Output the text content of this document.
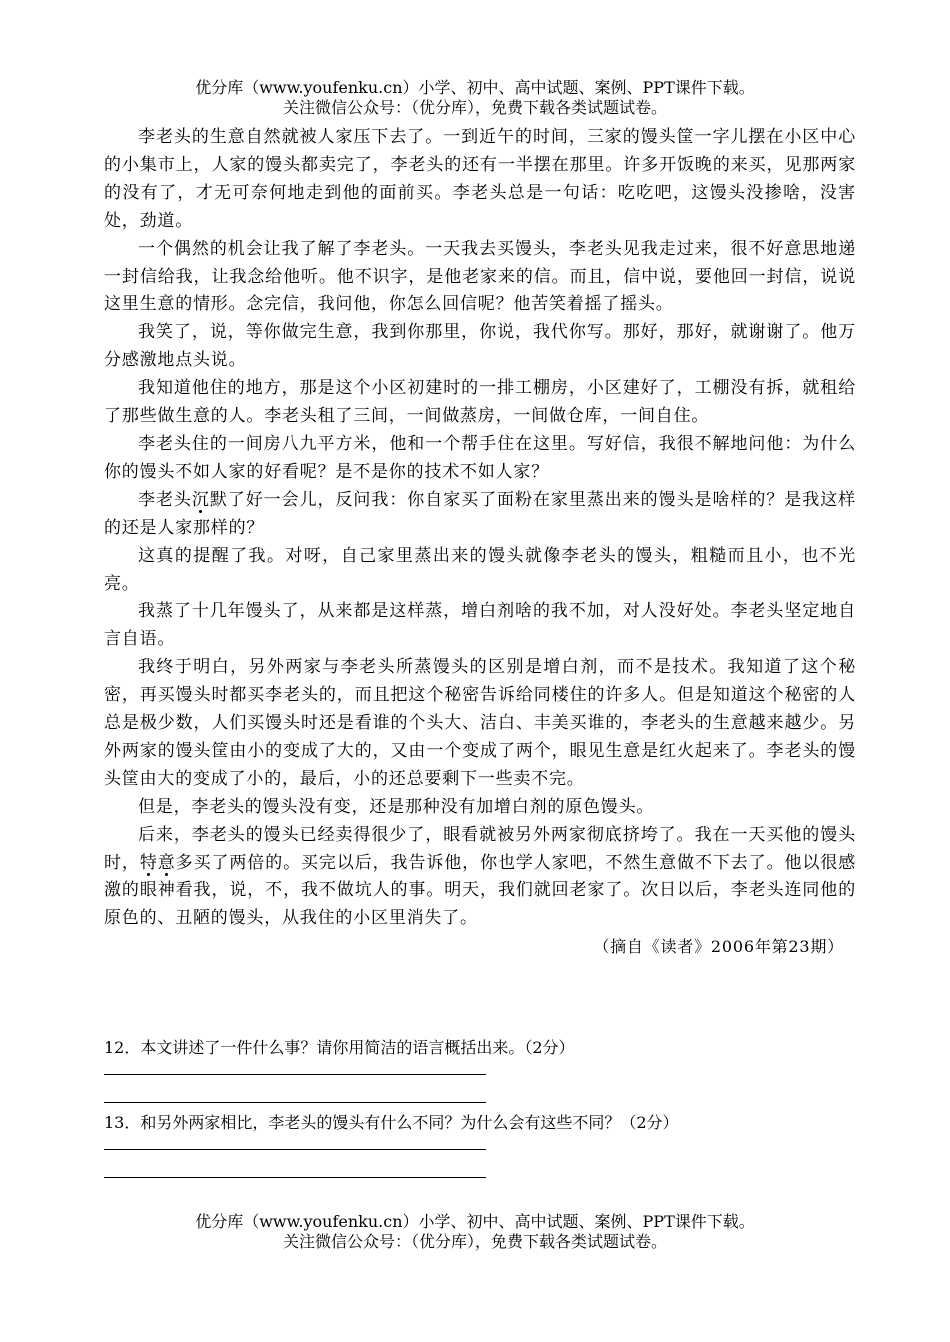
优分库（www.youfenku.cn）小学、初中、高中试题、案例、PPT课件下载。
关注微信公众号：（优分库），免费下载各类试题试卷。

李老头的生意自然就被人家压下去了。一到近午的时间，三家的馒头筐一字儿摆在小区中心的小集市上，人家的馒头都卖完了，李老头的还有一半摆在那里。许多开饭晚的来买，见那两家的没有了，才无可奈何地走到他的面前买。李老头总是一句话：吃吃吧，这馒头没掺啥，没害处，劲道。

一个偶然的机会让我了解了李老头。一天我去买馒头，李老头见我走过来，很不好意思地递一封信给我，让我念给他听。他不识字，是他老家来的信。而且，信中说，要他回一封信，说说这里生意的情形。念完信，我问他，你怎么回信呢？他苦笑着摇了摇头。

我笑了，说，等你做完生意，我到你那里，你说，我代你写。那好，那好，就谢谢了。他万分感激地点头说。

我知道他住的地方，那是这个小区初建时的一排工棚房，小区建好了，工棚没有拆，就租给了那些做生意的人。李老头租了三间，一间做蒸房，一间做仓库，一间自住。

李老头住的一间房八九平方米，他和一个帮手住在这里。写好信，我很不解地问他：为什么你的馒头不如人家的好看呢？是不是你的技术不如人家？

李老头沉默了好一会儿，反问我：你自家买了面粉在家里蒸出来的馒头是啥样的？是我这样的还是人家那样的？

这真的提醒了我。对呀，自己家里蒸出来的馒头就像李老头的馒头，粗糙而且小，也不光亮。

我蒸了十几年馒头了，从来都是这样蒸，增白剂啥的我不加，对人没好处。李老头坚定地自言自语。

我终于明白，另外两家与李老头所蒸馒头的区别是增白剂，而不是技术。我知道了这个秘密，再买馒头时都买李老头的，而且把这个秘密告诉给同楼住的许多人。但是知道这个秘密的人总是极少数，人们买馒头时还是看谁的个头大、洁白、丰美买谁的，李老头的生意越来越少。另外两家的馒头筐由小的变成了大的，又由一个变成了两个，眼见生意是红火起来了。李老头的馒头筐由大的变成了小的，最后，小的还总要剩下一些卖不完。

但是，李老头的馒头没有变，还是那种没有加增白剂的原色馒头。

后来，李老头的馒头已经卖得很少了，眼看就被另外两家彻底挤垮了。我在一天买他的馒头时，特意多买了两倍的。买完以后，我告诉他，你也学人家吧，不然生意做不下去了。他以很感激的眼神看我，说，不，我不做坑人的事。明天，我们就回老家了。次日以后，李老头连同他的原色的、丑陋的馒头，从我住的小区里消失了。

（摘自《读者》2006年第23期）

12．本文讲述了一件什么事？请你用简洁的语言概括出来。（2分）

13．和另外两家相比，李老头的馒头有什么不同？为什么会有这些不同？（2分）

优分库（www.youfenku.cn）小学、初中、高中试题、案例、PPT课件下载。
关注微信公众号：（优分库），免费下载各类试题试卷。
